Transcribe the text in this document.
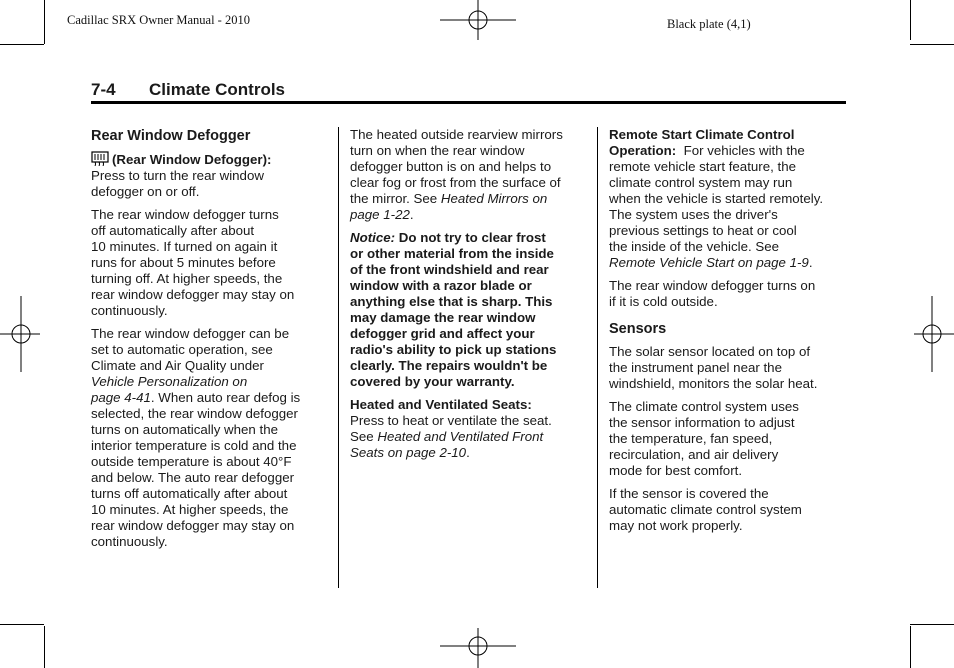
Cadillac SRX Owner Manual - 2010	Black plate (4,1)
7-4 Climate Controls
Rear Window Defogger

(Rear Window Defogger):
Press to turn the rear window
defogger on or off.

The rear window defogger turns
off automatically after about
10 minutes. If turned on again it
runs for about 5 minutes before
turning off. At higher speeds, the
rear window defogger may stay on
continuously.

The rear window defogger can be
set to automatic operation, see
Climate and Air Quality under
Vehicle Personalization on
page 4-41. When auto rear defog is
selected, the rear window defogger
turns on automatically when the
interior temperature is cold and the
outside temperature is about 40°F
and below. The auto rear defogger
turns off automatically after about
10 minutes. At higher speeds, the
rear window defogger may stay on
continuously.

The heated outside rearview mirrors
turn on when the rear window
defogger button is on and helps to
clear fog or frost from the surface of
the mirror. See Heated Mirrors on
page 1-22.

Notice: Do not try to clear frost
or other material from the inside
of the front windshield and rear
window with a razor blade or
anything else that is sharp. This
may damage the rear window
defogger grid and affect your
radio's ability to pick up stations
clearly. The repairs wouldn't be
covered by your warranty.

Heated and Ventilated Seats:
Press to heat or ventilate the seat.
See Heated and Ventilated Front
Seats on page 2-10.

Remote Start Climate Control
Operation:  For vehicles with the
remote vehicle start feature, the
climate control system may run
when the vehicle is started remotely.
The system uses the driver's
previous settings to heat or cool
the inside of the vehicle. See
Remote Vehicle Start on page 1-9.

The rear window defogger turns on
if it is cold outside.

Sensors

The solar sensor located on top of
the instrument panel near the
windshield, monitors the solar heat.

The climate control system uses
the sensor information to adjust
the temperature, fan speed,
recirculation, and air delivery
mode for best comfort.

If the sensor is covered the
automatic climate control system
may not work properly.
